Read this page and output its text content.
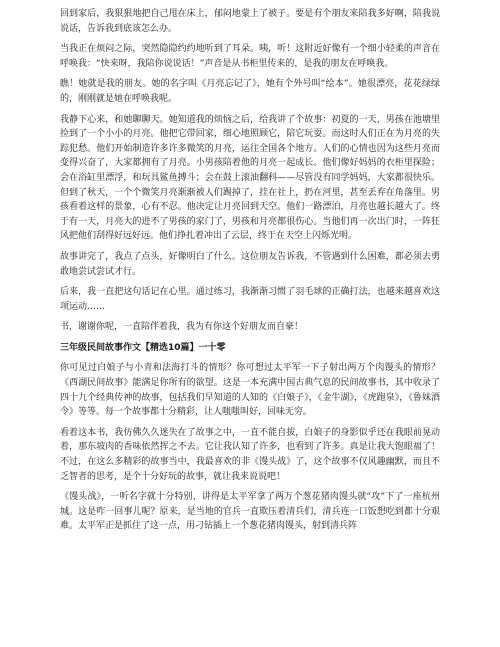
回到家后，我狠狠地把自己甩在床上，郁闷地蒙上了被子。要是有个朋友来陪我多好啊，陪我说说话，告诉我到底该怎么办。

当我正在烦闷之际，突然隐隐约约地听到了耳朵。咦，听！这附近好像有一个细小轻柔的声音在呼唤我：“快来呀，我陪你说说话！”声音是从书柜里传来的，是我的朋友在呼唤我。

瞧！她就是我的朋友。她的名字叫《月亮忘记了》，她有个外号叫“绘本”。她很漂亮，花花绿绿的，刚刚就是她在呼唤我呢。

我静下心来，和她聊聊天。她知道我的烦恼之后，给我讲了个故事：初夏的一天，男孩在池塘里捡到了一个小小的月亮。他把它带回家，细心地照顾它，陪它玩耍。而这时人们正在为月亮的失踪犯愁。他们开始制造许多许多微笑的月亮，运往全国各个地方。人们的心情也因为这些月亮而变得兴奋了，大家都拥有了月亮。小男孩陪着他的月亮一起成长。他们像好妈妈的衣柜里探险；会在浴缸里漂浮，和玩具鲨鱼搏斗；会在鼓上滚油翻科——尽管没有同学妈妈，大家都很快乐。但到了秋天，一个个微笑月亮渐渐被人们踢掉了，挂在社上，扔在河里，甚至丢弃在角落里。男孩看着这样的景象，心有不忍。他决定让月亮回到天空。他们一路漂泊，月亮也越长越大了。终于有一天，月亮大的进不了男孩的家门了，男孩和月亮都很伤心。当他们再一次出门时，一阵狂风把他们刮得好远好远。他们挣扎着冲出了云层，终于在天空上闪烁光明。

故事讲完了，我点了点头，好像明白了什么。这位朋友告诉我，不管遇到什么困难，都必须去勇敢地尝试尝试才行。

后来，我一直把这句话记在心里。通过练习，我渐渐习惯了羽毛球的正确打法，也越来越喜欢这项运动……

书，谢谢你呢，一直陪伴着我，我为有你这个好朋友而自豪！

三年级民间故事作文【精选10篇】一十零

你可见过白娘子与小青和法海打斗的情形？你可想过太平军一下子射出两万个肉馒头的情形？《西湖民间故事》能满足你所有的欲望。这是一本充满中国古典气息的民间故事书，其中收录了四十九个经典传神的故事，包括我们早知道的人知的《白娘子》，《金牛湖》，《虎跑泉》，《鲁妹酒令》等等。每一个故事都十分精彩，让人嗤嗤叫好，回味无穷。

看着这本书，我仿佛久久迷失在了故事之中，一直不能自拔，白娘子的身影似乎还在我眼前晃动着，那东坡肉的香味依然挥之不去。它让我认知了许多，也看到了许多。真是让我大饱眼福了！不过，在这么多精彩的故事当中，我最喜欢的非《馒头战》了，这个故事不仅风趣幽默，而且不乏智者的思考，是个十分好玩的故事，就让我来说说吧！

《馒头战》，一听名字就十分特别，讲得是太平军拿了两万个葱花猪肉馒头就“攻”下了一座杭州城。这是咋一回事儿呢？原来，是当地的官兵一直欺压着清兵们，清兵连一口饭想吃到都十分艰难。太平军正是抓住了这一点，用刁钻插上一个葱花猪肉馒头，射到清兵阵
